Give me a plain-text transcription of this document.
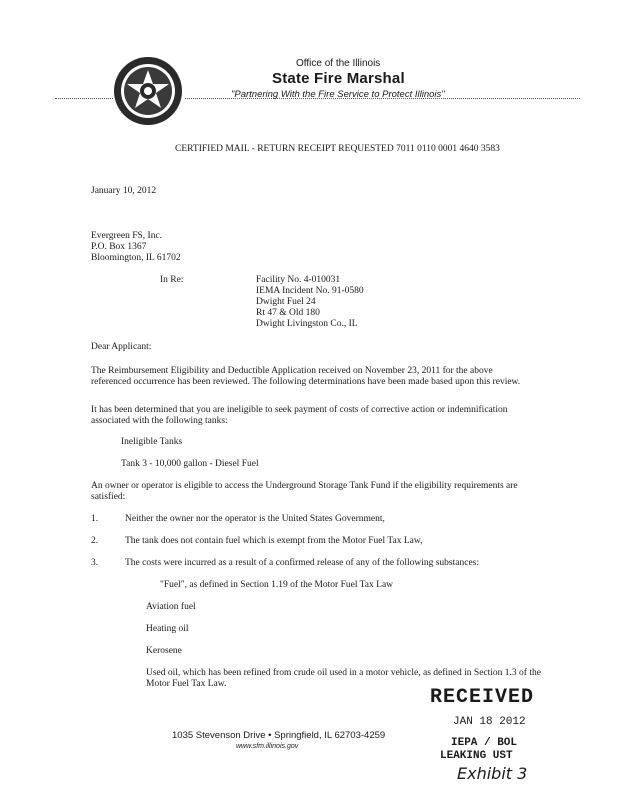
Office of the Illinois
State Fire Marshal
"Partnering With the Fire Service to Protect Illinois"
CERTIFIED MAIL - RETURN RECEIPT REQUESTED 7011 0110 0001 4640 3583
January 10, 2012
Evergreen FS, Inc.
P.O. Box 1367
Bloomington, IL 61702
In Re:	Facility No. 4-010031
IEMA Incident No. 91-0580
Dwight Fuel 24
Rt 47 & Old 180
Dwight Livingston Co., IL
Dear Applicant:
The Reimbursement Eligibility and Deductible Application received on November 23, 2011 for the above referenced occurrence has been reviewed. The following determinations have been made based upon this review.
It has been determined that you are ineligible to seek payment of costs of corrective action or indemnification associated with the following tanks:
Ineligible Tanks
Tank 3 - 10,000 gallon - Diesel Fuel
An owner or operator is eligible to access the Underground Storage Tank Fund if the eligibility requirements are satisfied:
1.	Neither the owner nor the operator is the United States Government,
2.	The tank does not contain fuel which is exempt from the Motor Fuel Tax Law,
3.	The costs were incurred as a result of a confirmed release of any of the following substances:
"Fuel", as defined in Section 1.19 of the Motor Fuel Tax Law
Aviation fuel
Heating oil
Kerosene
Used oil, which has been refined from crude oil used in a motor vehicle, as defined in Section 1.3 of the Motor Fuel Tax Law.
1035 Stevenson Drive • Springfield, IL 62703-4259
www.sfm.illinois.gov
RECEIVED
JAN 18 2012
IEPA / BOL
LEAKING UST
Exhibit 3
